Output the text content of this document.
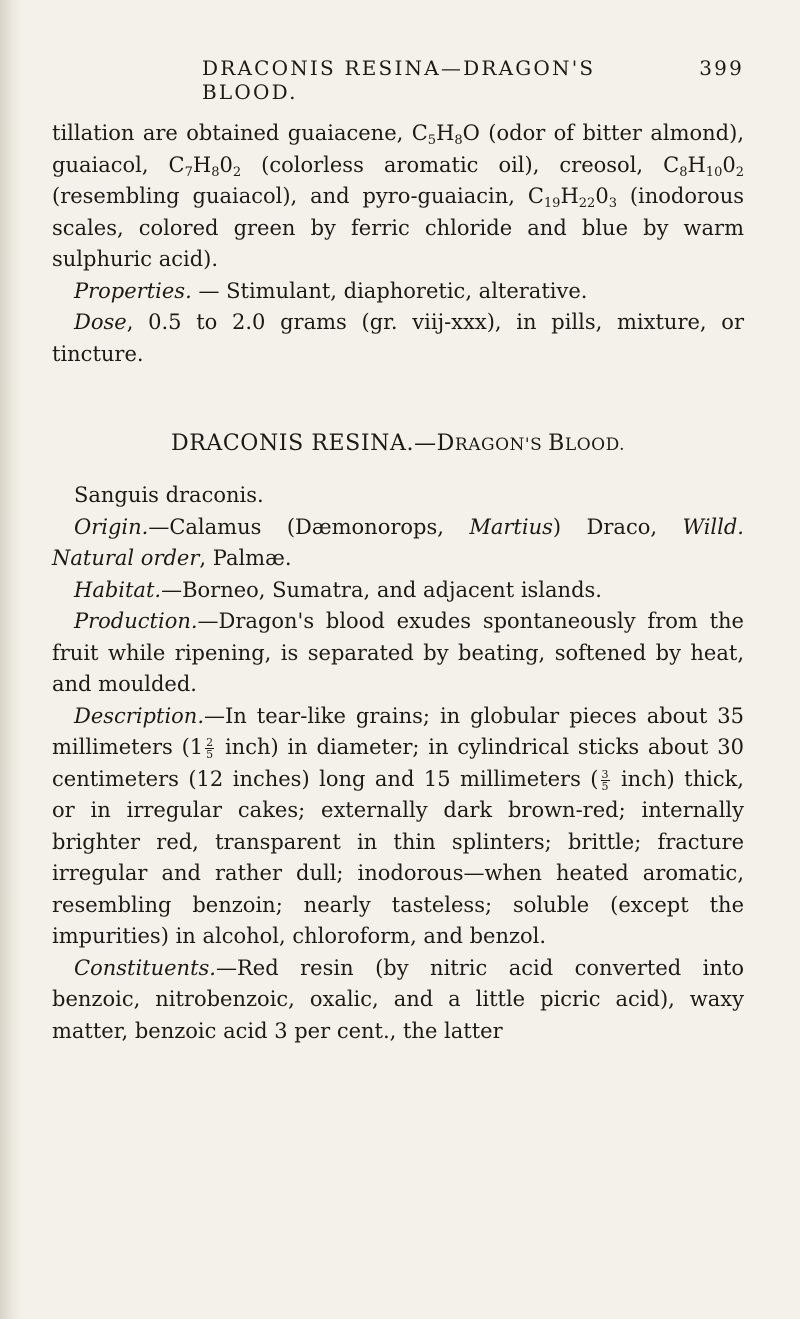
DRACONIS RESINA—DRAGON'S BLOOD.
399

tillation are obtained guaiacene, $C_5H_8O$ (odor of bitter almond), guaiacol, $C_7H_80_2$ (colorless aromatic oil), creosol, $C_8H_{10}0_2$ (resembling guaiacol), and pyro-guaiacin, $C_{19}H_{22}0_3$ (inodorous scales, colored green by ferric chloride and blue by warm sulphuric acid).

Properties. — Stimulant, diaphoretic, alterative.

Dose, 0.5 to 2.0 grams (gr. viij-xxx), in pills, mixture, or tincture.

DRACONIS RESINA.—DRAGON'S BLOOD.

Sanguis draconis.

Origin.—Calamus (Dæmonorops, Martius) Draco, Willd. Natural order, Palmæ.

Habitat.—Borneo, Sumatra, and adjacent islands.

Production.—Dragon's blood exudes spontaneously from the fruit while ripening, is separated by beating, softened by heat, and moulded.

Description.—In tear-like grains; in globular pieces about 35 millimeters ($1 \frac{2}{5}$ inch) in diameter; in cylindrical sticks about 30 centimeters (12 inches) long and 15 millimeters ( $\frac{3}{5}$ inch) thick, or in irregular cakes; externally dark brown-red; internally brighter red, transparent in thin splinters; brittle; fracture irregular and rather dull; inodorous—when heated aromatic, resembling benzoin; nearly tasteless; soluble (except the impurities) in alcohol, chloroform, and benzol.

Constituents.—Red resin (by nitric acid converted into benzoic, nitrobenzoic, oxalic, and a little picric acid), waxy matter, benzoic acid 3 per cent., the latter
